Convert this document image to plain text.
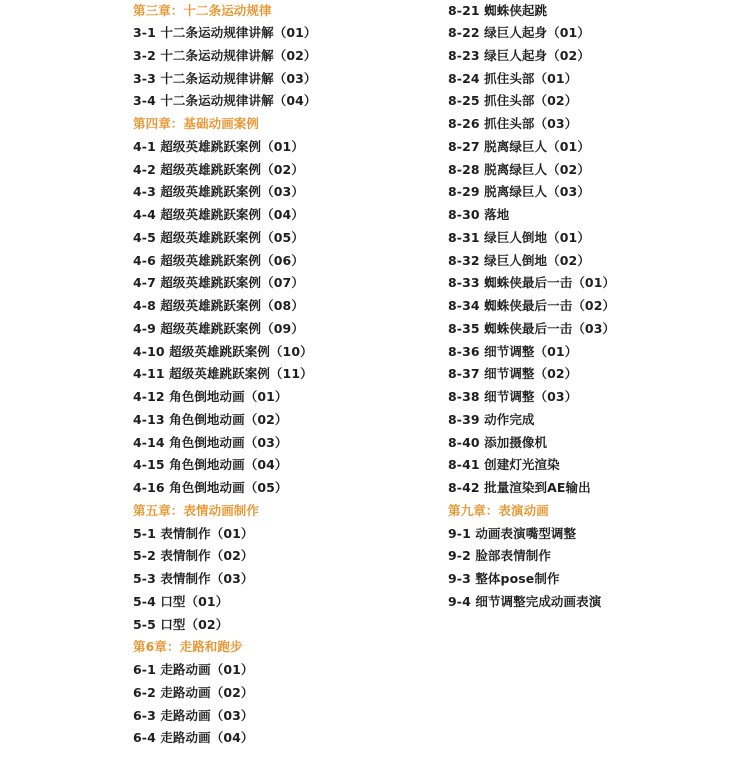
第三章：十二条运动规律
3-1 十二条运动规律讲解（01）
3-2 十二条运动规律讲解（02）
3-3 十二条运动规律讲解（03）
3-4 十二条运动规律讲解（04）
第四章：基础动画案例
4-1 超级英雄跳跃案例（01）
4-2 超级英雄跳跃案例（02）
4-3 超级英雄跳跃案例（03）
4-4 超级英雄跳跃案例（04）
4-5 超级英雄跳跃案例（05）
4-6 超级英雄跳跃案例（06）
4-7 超级英雄跳跃案例（07）
4-8 超级英雄跳跃案例（08）
4-9 超级英雄跳跃案例（09）
4-10 超级英雄跳跃案例（10）
4-11 超级英雄跳跃案例（11）
4-12 角色倒地动画（01）
4-13 角色倒地动画（02）
4-14 角色倒地动画（03）
4-15 角色倒地动画（04）
4-16 角色倒地动画（05）
第五章：表情动画制作
5-1 表情制作（01）
5-2 表情制作（02）
5-3 表情制作（03）
5-4 口型（01）
5-5 口型（02）
第6章：走路和跑步
6-1 走路动画（01）
6-2 走路动画（02）
6-3 走路动画（03）
6-4 走路动画（04）
8-21 蜘蛛侠起跳
8-22 绿巨人起身（01）
8-23 绿巨人起身（02）
8-24 抓住头部（01）
8-25 抓住头部（02）
8-26 抓住头部（03）
8-27 脱离绿巨人（01）
8-28 脱离绿巨人（02）
8-29 脱离绿巨人（03）
8-30 落地
8-31 绿巨人倒地（01）
8-32 绿巨人倒地（02）
8-33 蜘蛛侠最后一击（01）
8-34 蜘蛛侠最后一击（02）
8-35 蜘蛛侠最后一击（03）
8-36 细节调整（01）
8-37 细节调整（02）
8-38 细节调整（03）
8-39 动作完成
8-40 添加摄像机
8-41 创建灯光渲染
8-42 批量渲染到AE输出
第九章：表演动画
9-1 动画表演嘴型调整
9-2 脸部表情制作
9-3 整体pose制作
9-4 细节调整完成动画表演
